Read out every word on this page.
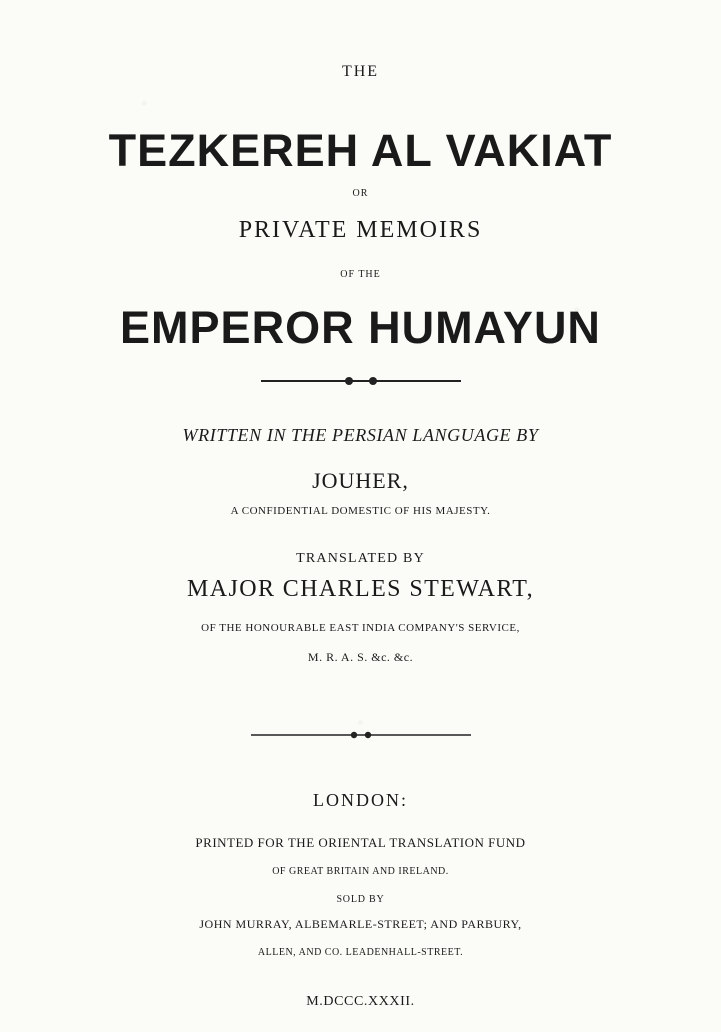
THE
TEZKEREH AL VAKIAT
OR
PRIVATE MEMOIRS
OF THE
EMPEROR HUMAYUN
WRITTEN IN THE PERSIAN LANGUAGE BY
JOUHER,
A CONFIDENTIAL DOMESTIC OF HIS MAJESTY.
TRANSLATED BY
MAJOR CHARLES STEWART,
OF THE HONOURABLE EAST INDIA COMPANY'S SERVICE,
M. R. A. S. &c. &c.
LONDON:
PRINTED FOR THE ORIENTAL TRANSLATION FUND
OF GREAT BRITAIN AND IRELAND.
SOLD BY
JOHN MURRAY, ALBEMARLE-STREET; AND PARBURY,
ALLEN, AND CO. LEADENHALL-STREET.
M.DCCC.XXXII.
